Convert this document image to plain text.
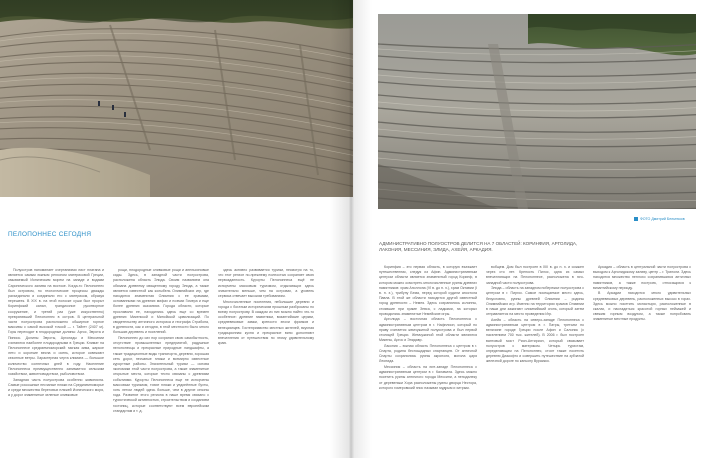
ПЕЛОПОННЕС СЕГОДНЯ
ФОТО Дмитрий Бельтюков
АДМИНИСТРАТИВНО ПОЛУОСТРОВ ДЕЛИТСЯ НА 7 ОБЛАСТЕЙ: КОРИНФИЯ, АРГОЛИДА, ЛАКОНИЯ, МЕССИНИЯ, ЭЛИДА, АХЕЙЯ, АРКАДИЯ.

Полуостров напоминает очертаниями лист платана и является самым южным регионом материковой Греции, омываемый Ионическим морем на западе и водами Саронического залива на востоке. Когда-то Пелопоннес был островом, но геологические процессы дважды разъединяли и соединяли его с материком, образуя перешеек. В XIX в. на этой полоске суши был прорыт Коринфский канал, грандиозное рукотворное сооружение, и третий раз (уже искусственно) превративший Пелопоннес в остров. В центральной части полуострова расположено обширное горное массивы с самой высокой точкой — г. Тайгет (2407 м). Горы переходят в плодородные долины: Аргос, Эврота и Пиниос. Долины Эвроты, Арголиды и Мессинии считаются наиболее плодородными в Греции. Климат на Пелопоннесе средиземноморский: мягкая зима, жаркое лето и короткие весна и осень, которое освежают сезонные ветры. Характерная черта климата — большое количество солнечных дней в году. Население Пелопоннеса преимущественно занимается сельским хозяйством, животноводством, рыболовством.

Западная часть полуострова особенно живописна. Самые роскошные песчаные пляжи на Средиземноморье и среди множества береговых пляжей Ионического моря, а у дорог знаменитые зеленые оливковые

рощи, плодородные оливковые рощи и апельсиновые сады. Здесь, в западной части полуострова, расположена область Элида. Своим названием она обязана древнему священному городу Элида, а также является известной как колыбель Олимпийских игр, где находится знаменитая Олимпия с ее храмами, основанными на древних мифах и поэмах Гомера и еще более древних сказаниях. Города области, которые прославили ее, находились здесь еще со времен древних Микенской и Минойской цивилизаций. По свидетельству античного историка и географа Страбона, в древности, как и сегодня, в этой местности было много больших деревень и поселений.

Пелопоннес до сих пор сохранил свою самобытность, отсутствие промышленных предприятий, радушные пелопонесцы и прекрасные природные ландшафты, а также традиционные виды транспорта, деревни, хорошая сеть дорог, песчаные пляжи и всемирно известные курортные районы. Значительный туризм — основа экономики этой части полуострова, а также знаменитые открытые места, которые тесно связаны с древними событиями. Курорты Пелопоннеса еще не испорчены массовым туризмом, тихие пляжи и уединённые бухты, хоть летом людей здесь больше, чем в другие сезоны года. Развитие этого региона в наше время связано с туристической активностью, строительством и созданием гостиниц, которые соответствуют всем европейским стандартам и т. д.

здесь активно развивается туризм, несмотря на то, что этот регион по-прежнему полностью сохраняет свою первозданность. Курорты Пелопоннеса ещё не испорчены массовым туризмом, отдыхающих здесь значительно меньше, чем на островах, а уровень сервиса отвечает высоким требованиям.

Многочисленные поселения, небольшие деревни и города с богатым историческим прошлым разбросаны по всему полуострову. В каждом из них можно найти что-то особенное: древние памятники, византийские церкви, средневековые замки, крепости эпохи франков и венецианцев. Гостеприимство местных жителей, вкусная традиционная кухня и прекрасное вино дополняют впечатления от путешествия по этому удивительному краю.

Коринфия – это первая область, в которую въезжает путешественник, следуя из Афин. Административным центром области является знаменитый город Коринф, в котором можно осмотреть многочисленные руины древних памятников: храм Аполлона (VI в. до н. э.), храм Октавии (I в. н. э.), трибуну Бема, перед которой судили апостола Павла. В этой же области находится другой известный город древности – Немея. Здесь сохранились колонны, стоявшие при храме Зевса, с ладьями, на которых проводились знаменитые Немейские игры.

Арголида – восточная область Пелопоннеса с административным центром в г. Нафплион, который по праву считается жемчужиной полуострова и был первой столицей Греции. Жемчужиной этой области являются Микены, Аргос и Эпидавр.

Лакония – южная область Пелопоннеса с центром в г. Спарта, родина беспощадных спартанцев. От античной Спарты сохранились руины акрополя, могила царя Леонида.

Мессиния – область на юге-западе Пелопоннеса с административным центром в г. Каламата. Здесь можно посетить руины античного города Мессини, а неподалеку от деревеньки Хора расположены руины дворца Нестора, которого гомеровский эпос называл мудрым и хитрым.

вобщем. Дом был построен в XIII в. до н. э. и сожжен через сто лет. Крепость Пилос, одна из самых впечатляющих на Пелопоннесе, расположена в юго-западной части полуострова.

Элида – область на западном побережье полуострова с центром в г. Пиргос. Самое посещаемое место здесь, безусловно, руины древней Олимпии – родины Олимпийских игр. Именно на территории храмов Олимпии в наши дни зажигают олимпийский огонь, который затем отправляется на место проведения Игр.

Ахейя – область на северо-западе Пелопоннеса с административным центром в г. Патры, третьем по величине городе Греции после Афин и Салоник (с населением 700 тыс. жителей). В 2006 г. был построен вантовый мост Рион-Антирион, который связывает полуостров с материком. Четырь туристам, определяющим на Пелопоннес, стоит также посетить деревню Диакофто и совершить путешествие на зубчатой железной дороге по каньону Вураикос.

Аркадия – область в центральной части полуострова с выходом к Арголидскому заливу, центр – г. Триполи. Здесь находится множество неплохо сохранившихся античных памятников, а также построек, относящихся к византийскому периоду.

В Аркадии находится много удивительных средневековых деревень, расположенных высоко в горах. Здесь можно посетить монастыри, расположенные в скалах, и насладиться красотой горных пейзажей и свежим горным воздухом, а также попробовать знаменитые местные продукты.
